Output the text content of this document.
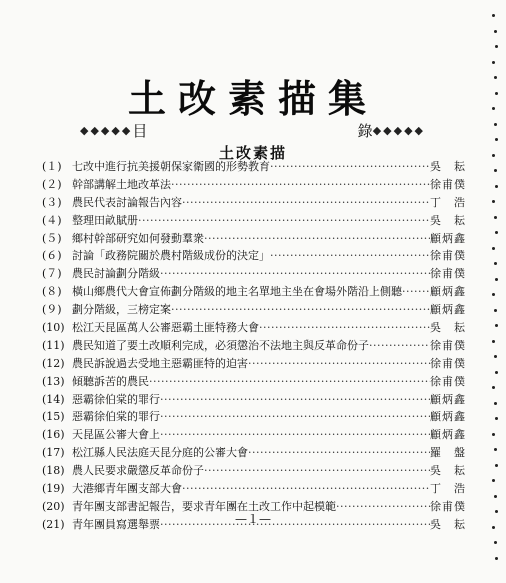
土改素描集
◆◆◆◆◆ 目	錄 ◆◆◆◆◆
土改素描
(１) 七改中進行抗美援朝保家衛國的形勢教育 ·····	吳　耘
(２) 幹部講解土地改革法 ·····	徐甫僕
(３) 農民代表討論報告內容 ·····	丁　浩
(４) 整理田畝賦册 ·····	吳　耘
(５) 鄉村幹部研究如何發動羣衆 ·····	顧炳鑫
(６) 討論「政務院關於農村階級成份的決定」 ·····	徐甫僕
(７) 農民討論劃分階級 ·····	徐甫僕
(８) 橫山鄉農代大會宣佈劃分階級的地主名單地主坐在會場外階沿上側聽 ·····	顧炳鑫
(９) 劃分階級，三榜定案 ·····	顧炳鑫
(10) 松江天昆區萬人公審惡霸土匪特務大會 ·····	吳　耘
(11) 農民知道了要土改順利完成，必須懲治不法地主與反革命份子 ·····	徐甫僕
(12) 農民訴說過去受地主惡霸匪特的迫害 ·····	徐甫僕
(13) 傾聽訴苦的農民 ·····	徐甫僕
(14) 惡霸徐伯棠的罪行 ·····	顧炳鑫
(15) 惡霸徐伯棠的罪行 ·····	顧炳鑫
(16) 天昆區公審大會上 ·····	顧炳鑫
(17) 松江縣人民法庭天昆分庭的公審大會 ·····	羅　盤
(18) 農人民要求嚴懲反革命份子 ·····	吳　耘
(19) 大港鄉青年團支部大會 ·····	丁　浩
(20) 青年團支部書記報告，要求青年團在土改工作中起模範 ·····	徐甫僕
(21) 青年團員寫選舉票 ·····	吳　耘
—１—
